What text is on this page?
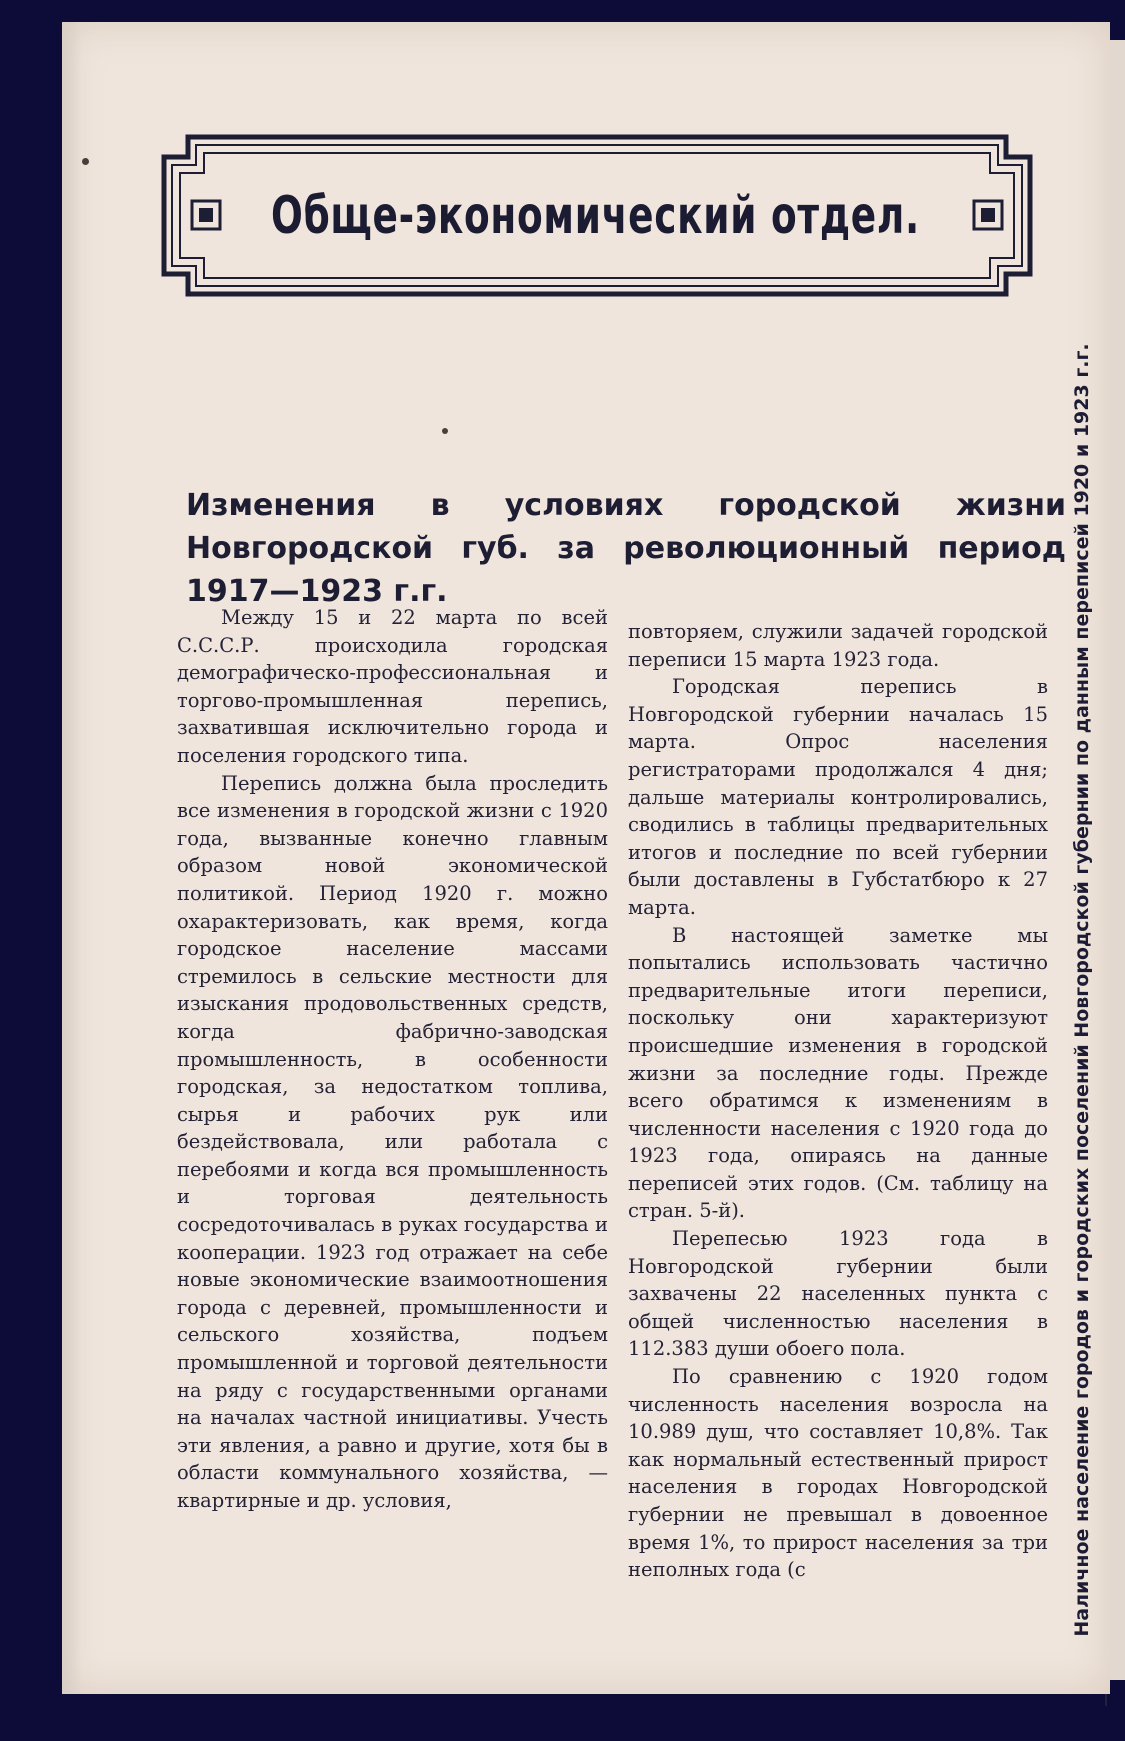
Обще-экономический отдел.
Изменения в условиях городской жизни Новгородской губ. за революционный период 1917—1923 г.г.

Между 15 и 22 марта по всей С.С.С.Р. происходила городская демографическо-профессиональная и торгово-промышленная перепись, захватившая исключительно города и поселения городского типа.

Перепись должна была проследить все изменения в городской жизни с 1920 года, вызванные конечно главным образом новой экономической политикой. Период 1920 г. можно охарактеризовать, как время, когда городское население массами стремилось в сельские местности для изыскания продовольственных средств, когда фабрично-заводская промышленность, в особенности городская, за недостатком топлива, сырья и рабочих рук или бездействовала, или работала с перебоями и когда вся промышленность и торговая деятельность сосредоточивалась в руках государства и кооперации. 1923 год отражает на себе новые экономические взаимоотношения города с деревней, промышленности и сельского хозяйства, подъем промышленной и торговой деятельности на ряду с государственными органами на началах частной инициативы. Учесть эти явления, а равно и другие, хотя бы в области коммунального хозяйства, — квартирные и др. условия,

повторяем, служили задачей городской переписи 15 марта 1923 года.

Городская перепись в Новгородской губернии началась 15 марта. Опрос населения регистраторами продолжался 4 дня; дальше материалы контролировались, сводились в таблицы предварительных итогов и последние по всей губернии были доставлены в Губстатбюро к 27 марта.

В настоящей заметке мы попытались использовать частично предварительные итоги переписи, поскольку они характеризуют происшедшие изменения в городской жизни за последние годы. Прежде всего обратимся к изменениям в численности населения с 1920 года до 1923 года, опираясь на данные переписей этих годов. (См. таблицу на стран. 5-й).

Перепесью 1923 года в Новгородской губернии были захвачены 22 населенных пункта с общей численностью населения в 112.383 души обоего пола.

По сравнению с 1920 годом численность населения возросла на 10.989 душ, что составляет 10,8%. Так как нормальный естественный прирост населения в городах Новгородской губернии не превышал в довоенное время 1%, то прирост населения за три неполных года (с	Наличное население городов и городских поселений Новгородской губернии по данным переписей 1920 и 1923 г.г.
